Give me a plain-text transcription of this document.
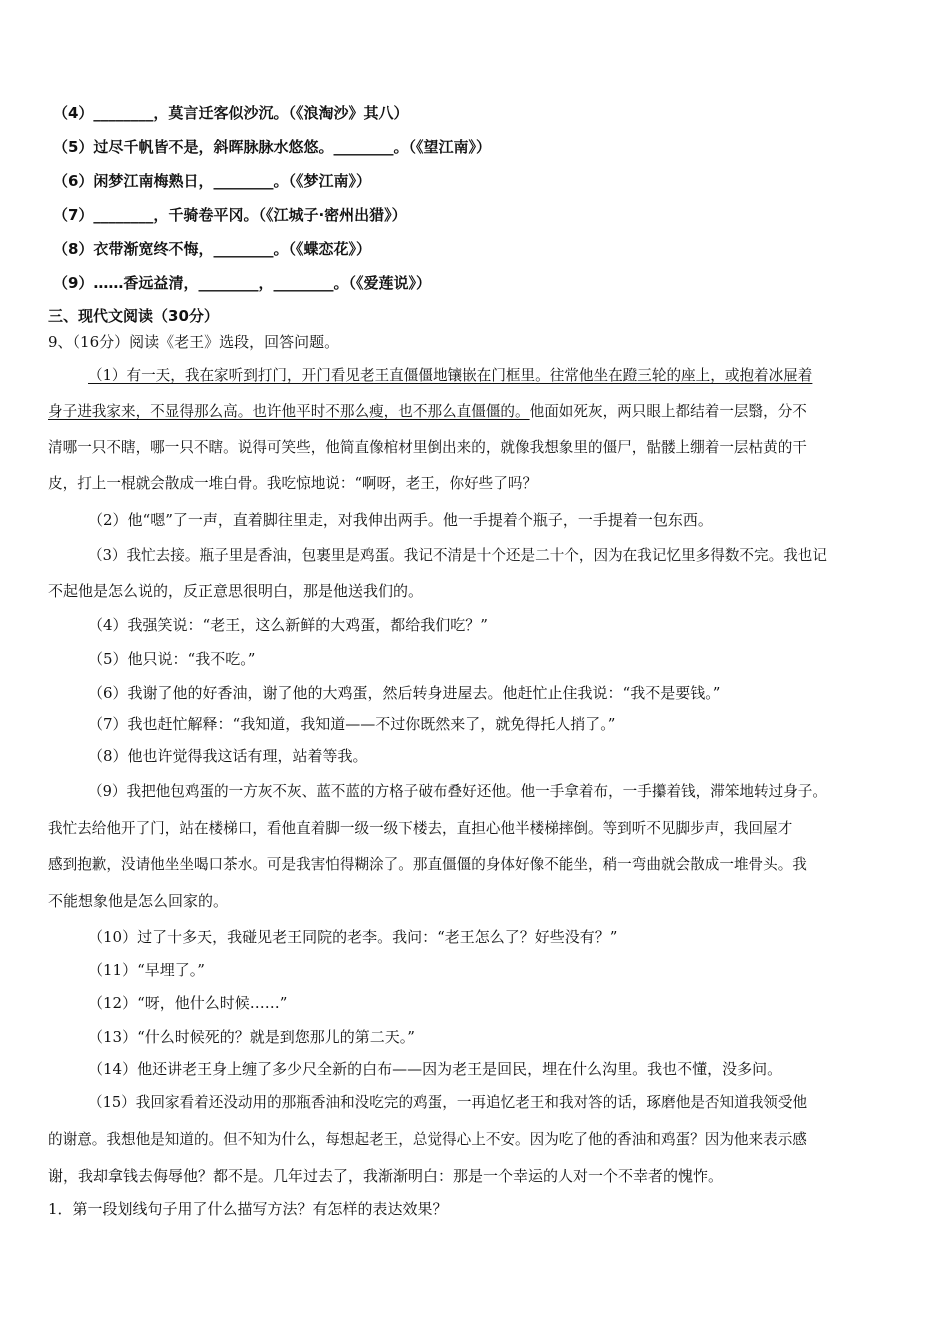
（4）________，莫言迁客似沙沉。（《浪淘沙》其八）
（5）过尽千帆皆不是，斜晖脉脉水悠悠。________。（《望江南》）
（6）闲梦江南梅熟日，________。（《梦江南》）
（7）________，千骑卷平冈。（《江城子·密州出猎》）
（8）衣带渐宽终不悔，________。（《蝶恋花》）
（9）……香远益清，________，________。（《爱莲说》）
三、现代文阅读（30分）
9、（16分）阅读《老王》选段，回答问题。
（1）有一天，我在家听到打门，开门看见老王直僵僵地镶嵌在门框里。往常他坐在蹬三轮的座上，或抱着冰屉着
身子进我家来，不显得那么高。也许他平时不那么瘦，也不那么直僵僵的。他面如死灰，两只眼上都结着一层翳，分不
清哪一只不瞎，哪一只不瞎。说得可笑些，他简直像棺材里倒出来的，就像我想象里的僵尸，骷髅上绷着一层枯黄的干
皮，打上一棍就会散成一堆白骨。我吃惊地说：“啊呀，老王，你好些了吗？
（2）他“嗯”了一声，直着脚往里走，对我伸出两手。他一手提着个瓶子，一手提着一包东西。
（3）我忙去接。瓶子里是香油，包裹里是鸡蛋。我记不清是十个还是二十个，因为在我记忆里多得数不完。我也记
不起他是怎么说的，反正意思很明白，那是他送我们的。
（4）我强笑说：“老王，这么新鲜的大鸡蛋，都给我们吃？”
（5）他只说：“我不吃。”
（6）我谢了他的好香油，谢了他的大鸡蛋，然后转身进屋去。他赶忙止住我说：“我不是要钱。”
（7）我也赶忙解释：“我知道，我知道——不过你既然来了，就免得托人捎了。”
（8）他也许觉得我这话有理，站着等我。
（9）我把他包鸡蛋的一方灰不灰、蓝不蓝的方格子破布叠好还他。他一手拿着布，一手攥着钱，滞笨地转过身子。
我忙去给他开了门，站在楼梯口，看他直着脚一级一级下楼去，直担心他半楼梯摔倒。等到听不见脚步声，我回屋才
感到抱歉，没请他坐坐喝口茶水。可是我害怕得糊涂了。那直僵僵的身体好像不能坐，稍一弯曲就会散成一堆骨头。我
不能想象他是怎么回家的。
（10）过了十多天，我碰见老王同院的老李。我问：“老王怎么了？好些没有？”
（11）“早埋了。”
（12）“呀，他什么时候……”
（13）“什么时候死的？就是到您那儿的第二天。”
（14）他还讲老王身上缠了多少尺全新的白布——因为老王是回民，埋在什么沟里。我也不懂，没多问。
（15）我回家看着还没动用的那瓶香油和没吃完的鸡蛋，一再追忆老王和我对答的话，琢磨他是否知道我领受他
的谢意。我想他是知道的。但不知为什么，每想起老王，总觉得心上不安。因为吃了他的香油和鸡蛋？因为他来表示感
谢，我却拿钱去侮辱他？都不是。几年过去了，我渐渐明白：那是一个幸运的人对一个不幸者的愧怍。
1．第一段划线句子用了什么描写方法？有怎样的表达效果？
